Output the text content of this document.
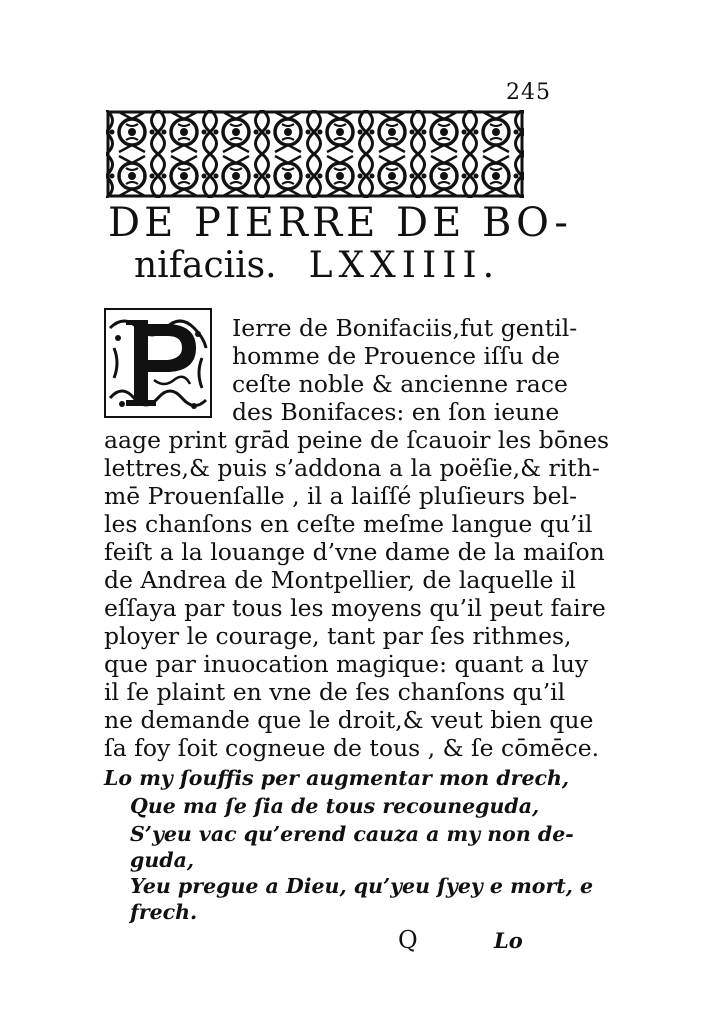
245
DE PIERRE DE BO-
nifaciis. LXXIIII.
Ierre de Bonifaciis,fut gentil-
homme de Prouence iſſu de
ceſte noble & ancienne race
des Bonifaces: en ſon ieune
aage print grād peine de ſcauoir les bōnes
lettres,& puis s’addona a la poëſie,& rith-
mē Prouenſalle , il a laiſſé pluſieurs bel-
les chanſons en ceſte meſme langue qu’il
feiſt a la louange d’vne dame de la maiſon
de Andrea de Montpellier, de laquelle il
eſſaya par tous les moyens qu’il peut faire
ployer le courage, tant par ſes rithmes,
que par inuocation magique: quant a luy
il ſe plaint en vne de ſes chanſons qu’il
ne demande que le droit,& veut bien que
ſa foy ſoit cogneue de tous , & ſe cōmēce.
Lo my ſouffis per augmentar mon drech,
Que ma ſe ſia de tous recouneguda,
S’yeu vac qu’erend cauza a my non de-
guda,
Yeu pregue a Dieu, qu’yeu ſyey e mort, e
frech.
Q	Lo
